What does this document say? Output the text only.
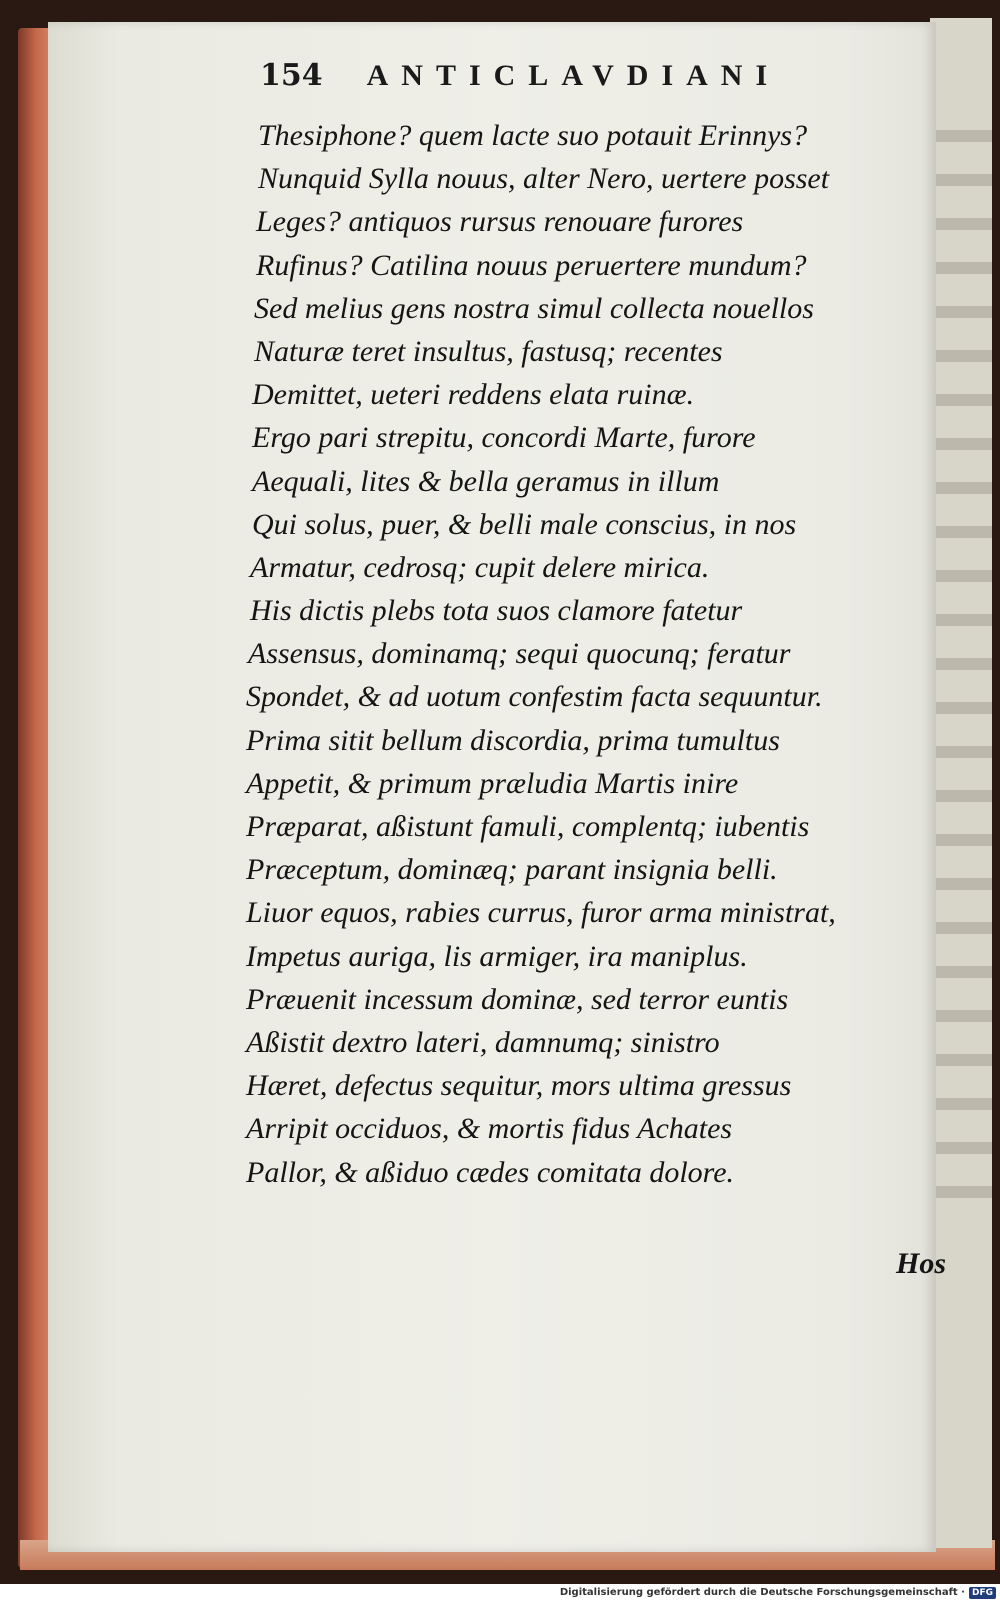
154 ANTICLAVDIANI
Thesiphone? quem lacte suo potauit Erinnys?
Nunquid Sylla nouus, alter Nero, uertere posset
Leges? antiquos rursus renouare furores
Rufinus? Catilina nouus peruertere mundum?
Sed melius gens nostra simul collecta nouellos
Naturæ teret insultus, fastusq; recentes
Demittet, ueteri reddens elata ruinæ.
Ergo pari strepitu, concordi Marte, furore
Aequali, lites & bella geramus in illum
Qui solus, puer, & belli male conscius, in nos
Armatur, cedrosq; cupit delere mirica.
His dictis plebs tota suos clamore fatetur
Assensus, dominamq; sequi quocunq; feratur
Spondet, & ad uotum confestim facta sequuntur.
Prima sitit bellum discordia, prima tumultus
Appetit, & primum præludia Martis inire
Præparat, aßistunt famuli, complentq; iubentis
Præceptum, dominæq; parant insignia belli.
Liuor equos, rabies currus, furor arma ministrat,
Impetus auriga, lis armiger, ira maniplus.
Præuenit incessum dominæ, sed terror euntis
Aßistit dextro lateri, damnumq; sinistro
Hæret, defectus sequitur, mors ultima gressus
Arripit occiduos, & mortis fidus Achates
Pallor, & aßiduo cædes comitata dolore.
Hos
Digitalisierung gefördert durch die Deutsche Forschungsgemeinschaft · DFG
